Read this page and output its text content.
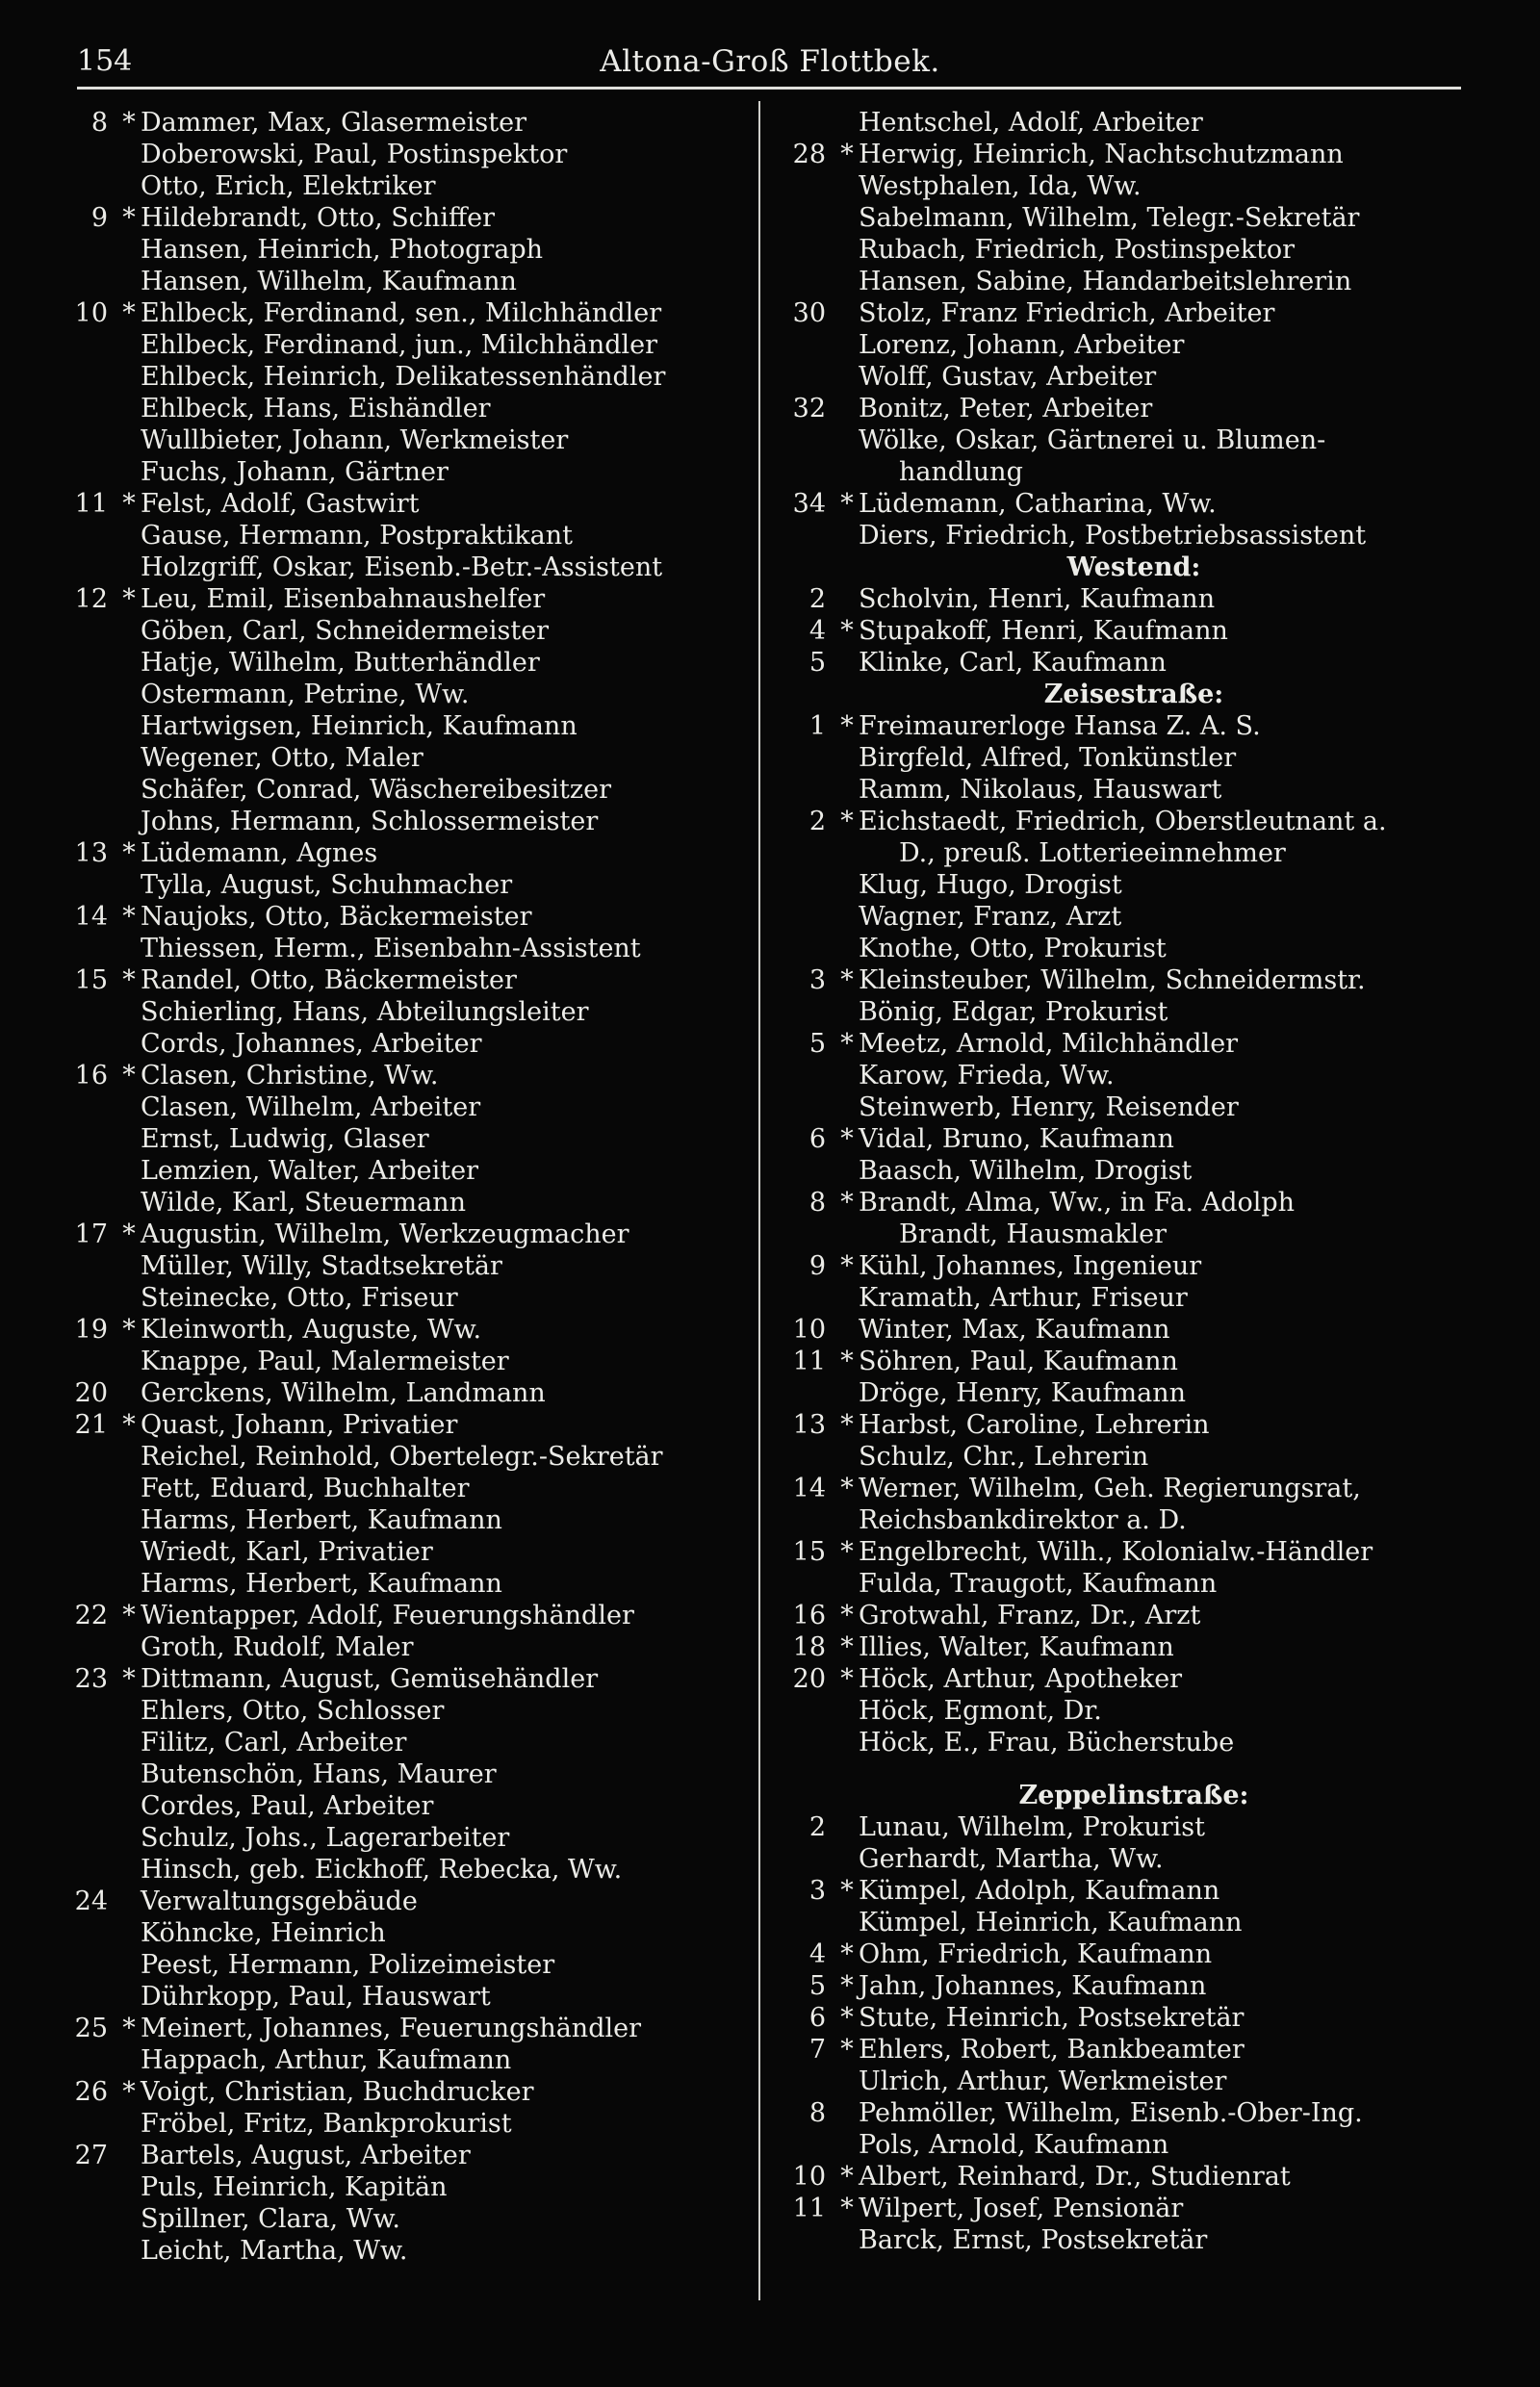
154	Altona-Groß Flottbek.
8 * Dammer, Max, Glasermeister
Doberowski, Paul, Postinspektor
Otto, Erich, Elektriker
9 * Hildebrandt, Otto, Schiffer
Hansen, Heinrich, Photograph
Hansen, Wilhelm, Kaufmann
10 * Ehlbeck, Ferdinand, sen., Milchhändler
Ehlbeck, Ferdinand, jun., Milchhändler
Ehlbeck, Heinrich, Delikatessenhändler
Ehlbeck, Hans, Eishändler
Wullbieter, Johann, Werkmeister
Fuchs, Johann, Gärtner
11 * Felst, Adolf, Gastwirt
Gause, Hermann, Postpraktikant
Holzgriff, Oskar, Eisenb.-Betr.-Assistent
12 * Leu, Emil, Eisenbahnaushelfer
Göben, Carl, Schneidermeister
Hatje, Wilhelm, Butterhändler
Ostermann, Petrine, Ww.
Hartwigsen, Heinrich, Kaufmann
Wegener, Otto, Maler
Schäfer, Conrad, Wäschereibesitzer
Johns, Hermann, Schlossermeister
13 * Lüdemann, Agnes
Tylla, August, Schuhmacher
14 * Naujoks, Otto, Bäckermeister
Thiessen, Herm., Eisenbahn-Assistent
15 * Randel, Otto, Bäckermeister
Schierling, Hans, Abteilungsleiter
Cords, Johannes, Arbeiter
16 * Clasen, Christine, Ww.
Clasen, Wilhelm, Arbeiter
Ernst, Ludwig, Glaser
Lemzien, Walter, Arbeiter
Wilde, Karl, Steuermann
17 * Augustin, Wilhelm, Werkzeugmacher
Müller, Willy, Stadtsekretär
Steinecke, Otto, Friseur
19 * Kleinworth, Auguste, Ww.
Knappe, Paul, Malermeister
20 Gerckens, Wilhelm, Landmann
21 * Quast, Johann, Privatier
Reichel, Reinhold, Obertelegr.-Sekretär
Fett, Eduard, Buchhalter
Harms, Herbert, Kaufmann
Wriedt, Karl, Privatier
Harms, Herbert, Kaufmann
22 * Wientapper, Adolf, Feuerungshändler
Groth, Rudolf, Maler
23 * Dittmann, August, Gemüsehändler
Ehlers, Otto, Schlosser
Filitz, Carl, Arbeiter
Butenschön, Hans, Maurer
Cordes, Paul, Arbeiter
Schulz, Johs., Lagerarbeiter
Hinsch, geb. Eickhoff, Rebecka, Ww.
24 Verwaltungsgebäude
Köhncke, Heinrich
Peest, Hermann, Polizeimeister
Dührkopp, Paul, Hauswart
25 * Meinert, Johannes, Feuerungshändler
Happach, Arthur, Kaufmann
26 * Voigt, Christian, Buchdrucker
Fröbel, Fritz, Bankprokurist
27 Bartels, August, Arbeiter
Puls, Heinrich, Kapitän
Spillner, Clara, Ww.
Leicht, Martha, Ww.
Hentschel, Adolf, Arbeiter
28 * Herwig, Heinrich, Nachtschutzmann
Westphalen, Ida, Ww.
Sabelmann, Wilhelm, Telegr.-Sekretär
Rubach, Friedrich, Postinspektor
Hansen, Sabine, Handarbeitslehrerin
30 Stolz, Franz Friedrich, Arbeiter
Lorenz, Johann, Arbeiter
Wolff, Gustav, Arbeiter
32 Bonitz, Peter, Arbeiter
Wölke, Oskar, Gärtnerei u. Blumen-
handlung
34 * Lüdemann, Catharina, Ww.
Diers, Friedrich, Postbetriebsassistent
Westend:
2 Scholvin, Henri, Kaufmann
4 * Stupakoff, Henri, Kaufmann
5 Klinke, Carl, Kaufmann
Zeisestraße:
1 * Freimaurerloge Hansa Z. A. S.
Birgfeld, Alfred, Tonkünstler
Ramm, Nikolaus, Hauswart
2 * Eichstaedt, Friedrich, Oberstleutnant a.
D., preuß. Lotterieeinnehmer
Klug, Hugo, Drogist
Wagner, Franz, Arzt
Knothe, Otto, Prokurist
3 * Kleinsteuber, Wilhelm, Schneidermstr.
Bönig, Edgar, Prokurist
5 * Meetz, Arnold, Milchhändler
Karow, Frieda, Ww.
Steinwerb, Henry, Reisender
6 * Vidal, Bruno, Kaufmann
Baasch, Wilhelm, Drogist
8 * Brandt, Alma, Ww., in Fa. Adolph
Brandt, Hausmakler
9 * Kühl, Johannes, Ingenieur
Kramath, Arthur, Friseur
10 Winter, Max, Kaufmann
11 * Söhren, Paul, Kaufmann
Dröge, Henry, Kaufmann
13 * Harbst, Caroline, Lehrerin
Schulz, Chr., Lehrerin
14 * Werner, Wilhelm, Geh. Regierungsrat,
Reichsbankdirektor a. D.
15 * Engelbrecht, Wilh., Kolonialw.-Händler
Fulda, Traugott, Kaufmann
16 * Grotwahl, Franz, Dr., Arzt
18 * Illies, Walter, Kaufmann
20 * Höck, Arthur, Apotheker
Höck, Egmont, Dr.
Höck, E., Frau, Bücherstube
Zeppelinstraße:
2 Lunau, Wilhelm, Prokurist
Gerhardt, Martha, Ww.
3 * Kümpel, Adolph, Kaufmann
Kümpel, Heinrich, Kaufmann
4 * Ohm, Friedrich, Kaufmann
5 * Jahn, Johannes, Kaufmann
6 * Stute, Heinrich, Postsekretär
7 * Ehlers, Robert, Bankbeamter
Ulrich, Arthur, Werkmeister
8 Pehmöller, Wilhelm, Eisenb.-Ober-Ing.
Pols, Arnold, Kaufmann
10 * Albert, Reinhard, Dr., Studienrat
11 * Wilpert, Josef, Pensionär
Barck, Ernst, Postsekretär
